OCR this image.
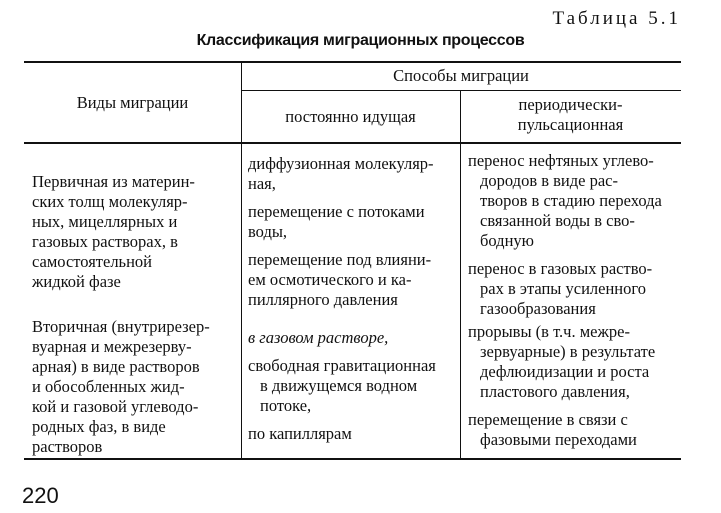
Таблица 5.1
Классификация миграционных процессов
Виды миграции
Способы миграции
постоянно идущая
периодически-
пульсационная
Первичная из материн-
ских толщ молекуляр-
ных, мицеллярных и
газовых растворах, в
самостоятельной
жидкой фазе
диффузионная молекуляр-
ная,
перемещение с потоками
воды,
перемещение под влияни-
ем осмотического и ка-
пиллярного давления
перенос нефтяных углево-
дородов в виде рас-
творов в стадию перехода
связанной воды в сво-
бодную
перенос в газовых раство-
рах в этапы усиленного
газообразования
Вторичная (внутрирезер-
вуарная и межрезерву-
арная) в виде растворов
и обособленных жид-
кой и газовой углеводо-
родных фаз, в виде
растворов
в газовом растворе,
свободная гравитационная
в движущемся водном
потоке,
по капиллярам
прорывы (в т.ч. межре-
зервуарные) в результате
дефлюидизации и роста
пластового давления,
перемещение в связи с
фазовыми переходами
220
